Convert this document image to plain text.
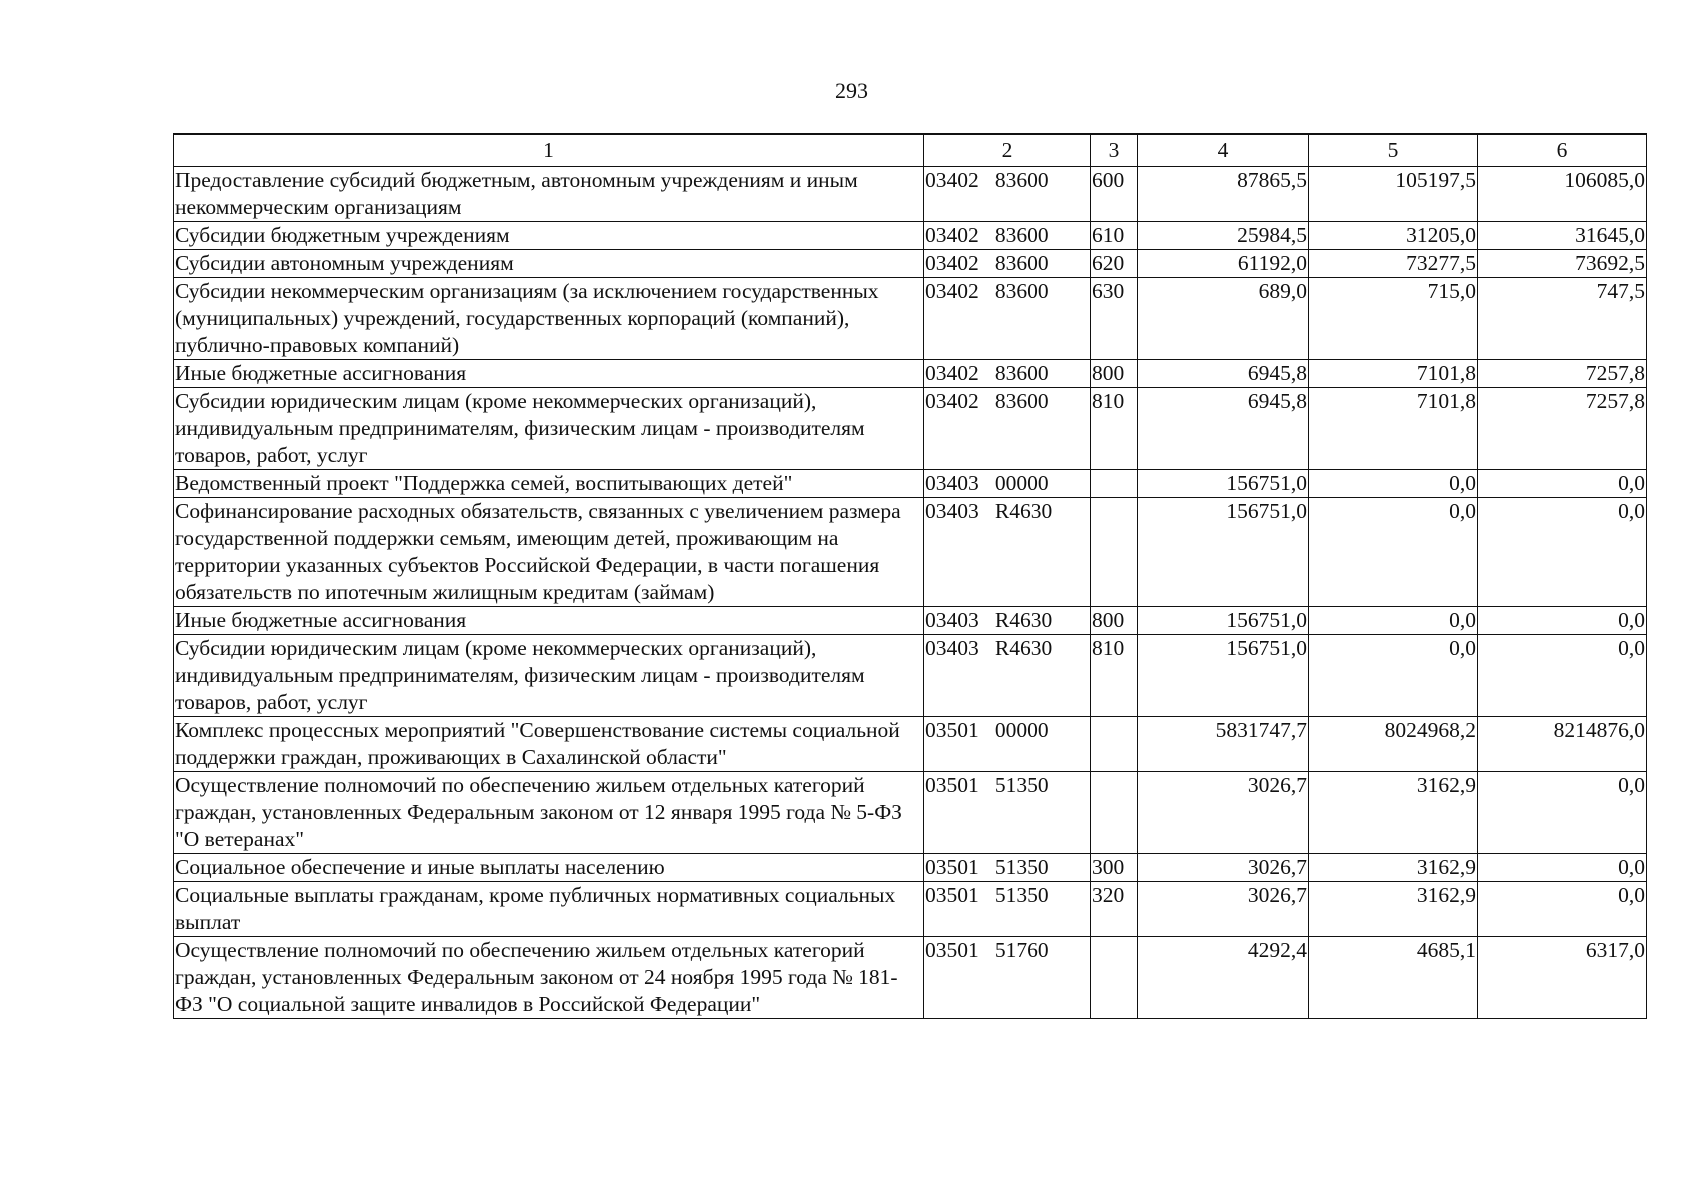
293
1	2	3	4	5	6
Предоставление субсидий бюджетным, автономным учреждениям и иным некоммерческим организациям	03402   83600	600	87865,5	105197,5	106085,0
Субсидии бюджетным учреждениям	03402   83600	610	25984,5	31205,0	31645,0
Субсидии автономным учреждениям	03402   83600	620	61192,0	73277,5	73692,5
Субсидии некоммерческим организациям (за исключением государственных (муниципальных) учреждений, государственных корпораций (компаний), публично-правовых компаний)	03402   83600	630	689,0	715,0	747,5
Иные бюджетные ассигнования	03402   83600	800	6945,8	7101,8	7257,8
Субсидии юридическим лицам (кроме некоммерческих организаций), индивидуальным предпринимателям, физическим лицам - производителям товаров, работ, услуг	03402   83600	810	6945,8	7101,8	7257,8
Ведомственный проект "Поддержка семей, воспитывающих детей"	03403   00000		156751,0	0,0	0,0
Софинансирование расходных обязательств, связанных с увеличением размера государственной поддержки семьям, имеющим детей, проживающим на территории указанных субъектов Российской Федерации, в части погашения обязательств по ипотечным жилищным кредитам (займам)	03403   R4630		156751,0	0,0	0,0
Иные бюджетные ассигнования	03403   R4630	800	156751,0	0,0	0,0
Субсидии юридическим лицам (кроме некоммерческих организаций), индивидуальным предпринимателям, физическим лицам - производителям товаров, работ, услуг	03403   R4630	810	156751,0	0,0	0,0
Комплекс процессных мероприятий "Совершенствование системы социальной поддержки граждан, проживающих в Сахалинской области"	03501   00000		5831747,7	8024968,2	8214876,0
Осуществление полномочий по обеспечению жильем отдельных категорий граждан, установленных Федеральным законом от 12 января 1995 года № 5-ФЗ "О ветеранах"	03501   51350		3026,7	3162,9	0,0
Социальное обеспечение и иные выплаты населению	03501   51350	300	3026,7	3162,9	0,0
Социальные выплаты гражданам, кроме публичных нормативных социальных выплат	03501   51350	320	3026,7	3162,9	0,0
Осуществление полномочий по обеспечению жильем отдельных категорий граждан, установленных Федеральным законом от 24 ноября 1995 года № 181-ФЗ "О социальной защите инвалидов в Российской Федерации"	03501   51760		4292,4	4685,1	6317,0
